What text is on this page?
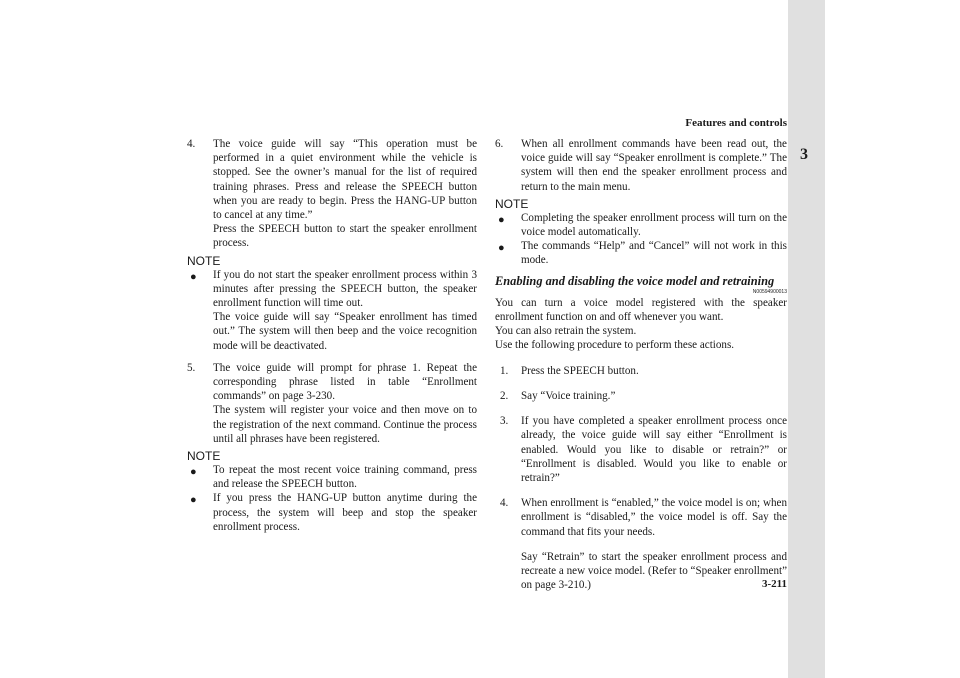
Features and controls
3
4. The voice guide will say “This operation must be performed in a quiet environment while the vehicle is stopped. See the owner’s manual for the list of required training phrases. Press and release the SPEECH button when you are ready to begin. Press the HANG-UP button to cancel at any time.”

Press the SPEECH button to start the speaker enrollment process.

NOTE

● If you do not start the speaker enrollment process within 3 minutes after pressing the SPEECH button, the speaker enrollment function will time out.

The voice guide will say “Speaker enrollment has timed out.” The system will then beep and the voice recognition mode will be deactivated.

5. The voice guide will prompt for phrase 1. Repeat the corresponding phrase listed in table “Enrollment commands” on page 3-230.

The system will register your voice and then move on to the registration of the next command. Continue the process until all phrases have been registered.

NOTE

● To repeat the most recent voice training command, press and release the SPEECH button.

● If you press the HANG-UP button anytime during the process, the system will beep and stop the speaker enrollment process.

6. When all enrollment commands have been read out, the voice guide will say “Speaker enrollment is complete.” The system will then end the speaker enrollment process and return to the main menu.

NOTE

● Completing the speaker enrollment process will turn on the voice model automatically.

● The commands “Help” and “Cancel” will not work in this mode.

Enabling and disabling the voice model and retraining

N00594900013

You can turn a voice model registered with the speaker enrollment function on and off whenever you want.

You can also retrain the system.

Use the following procedure to perform these actions.

1. Press the SPEECH button.

2. Say “Voice training.”

3. If you have completed a speaker enrollment process once already, the voice guide will say either “Enrollment is enabled. Would you like to disable or retrain?” or “Enrollment is disabled. Would you like to enable or retrain?”

4. When enrollment is “enabled,” the voice model is on; when enrollment is “disabled,” the voice model is off. Say the command that fits your needs.

Say “Retrain” to start the speaker enrollment process and recreate a new voice model. (Refer to “Speaker enrollment” on page 3-210.)	3-211
